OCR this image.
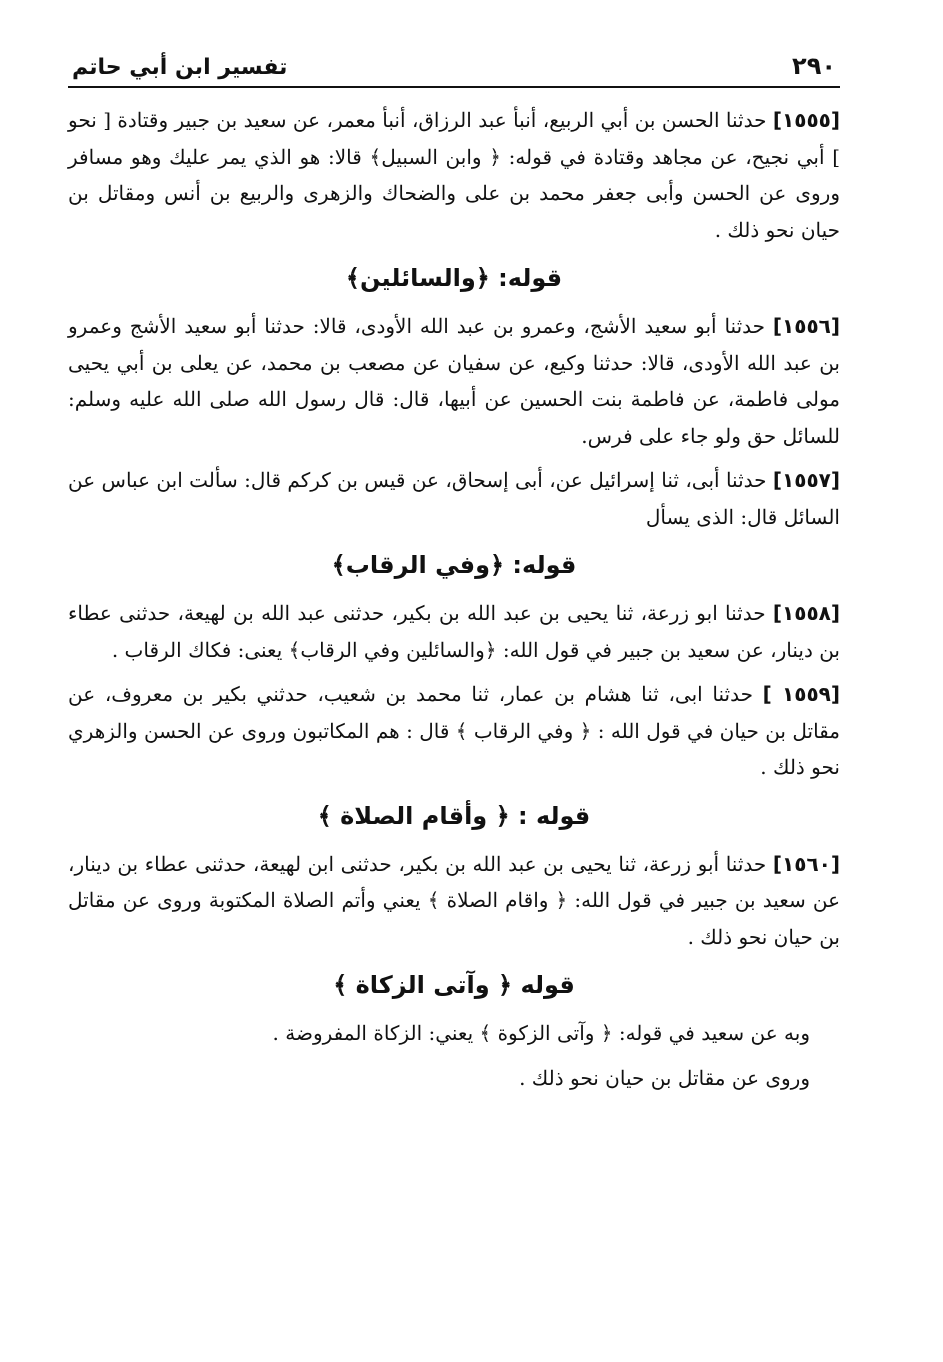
٢٩٠
تفسير ابن أبي حاتم

[١٥٥٥] حدثنا الحسن بن أبي الربيع، أنبأ عبد الرزاق، أنبأ معمر، عن سعيد بن جبير وقتادة [ نحو ] أبي نجيح، عن مجاهد وقتادة في قوله: ﴿ وابن السبيل﴾ قالا: هو الذي يمر عليك وهو مسافر وروى عن الحسن وأبى جعفر محمد بن على والضحاك والزهرى والربيع بن أنس ومقاتل بن حيان نحو ذلك .

قوله: ﴿والسائلين﴾

[١٥٥٦] حدثنا أبو سعيد الأشج، وعمرو بن عبد الله الأودى، قالا: حدثنا أبو سعيد الأشج وعمرو بن عبد الله الأودى، قالا: حدثنا وكيع، عن سفيان عن مصعب بن محمد، عن يعلى بن أبي يحيى مولى فاطمة، عن فاطمة بنت الحسين عن أبيها، قال: قال رسول الله صلى الله عليه وسلم: للسائل حق ولو جاء على فرس.

[١٥٥٧] حدثنا أبى، ثنا إسرائيل عن، أبى إسحاق، عن قيس بن كركم قال: سألت ابن عباس عن السائل قال: الذى يسأل

قوله: ﴿وفي الرقاب﴾

[١٥٥٨] حدثنا ابو زرعة، ثنا يحيى بن عبد الله بن بكير، حدثنى عبد الله بن لهيعة، حدثنى عطاء بن دينار، عن سعيد بن جبير في قول الله: ﴿والسائلين وفي الرقاب﴾ يعنى: فكاك الرقاب .

[١٥٥٩ ] حدثنا ابى، ثنا هشام بن عمار، ثنا محمد بن شعيب، حدثني بكير بن معروف، عن مقاتل بن حيان في قول الله : ﴿ وفي الرقاب ﴾ قال : هم المكاتبون وروى عن الحسن والزهري نحو ذلك .

قوله : ﴿ وأقام الصلاة ﴾

[١٥٦٠] حدثنا أبو زرعة، ثنا يحيى بن عبد الله بن بكير، حدثنى ابن لهيعة، حدثنى عطاء بن دينار، عن سعيد بن جبير في قول الله: ﴿ واقام الصلاة ﴾ يعني وأتم الصلاة المكتوبة وروى عن مقاتل بن حيان نحو ذلك .

قوله ﴿ وآتى الزكاة ﴾

وبه عن سعيد في قوله: ﴿ وآتى الزكوة ﴾ يعني: الزكاة المفروضة .

وروى عن مقاتل بن حيان نحو ذلك .
